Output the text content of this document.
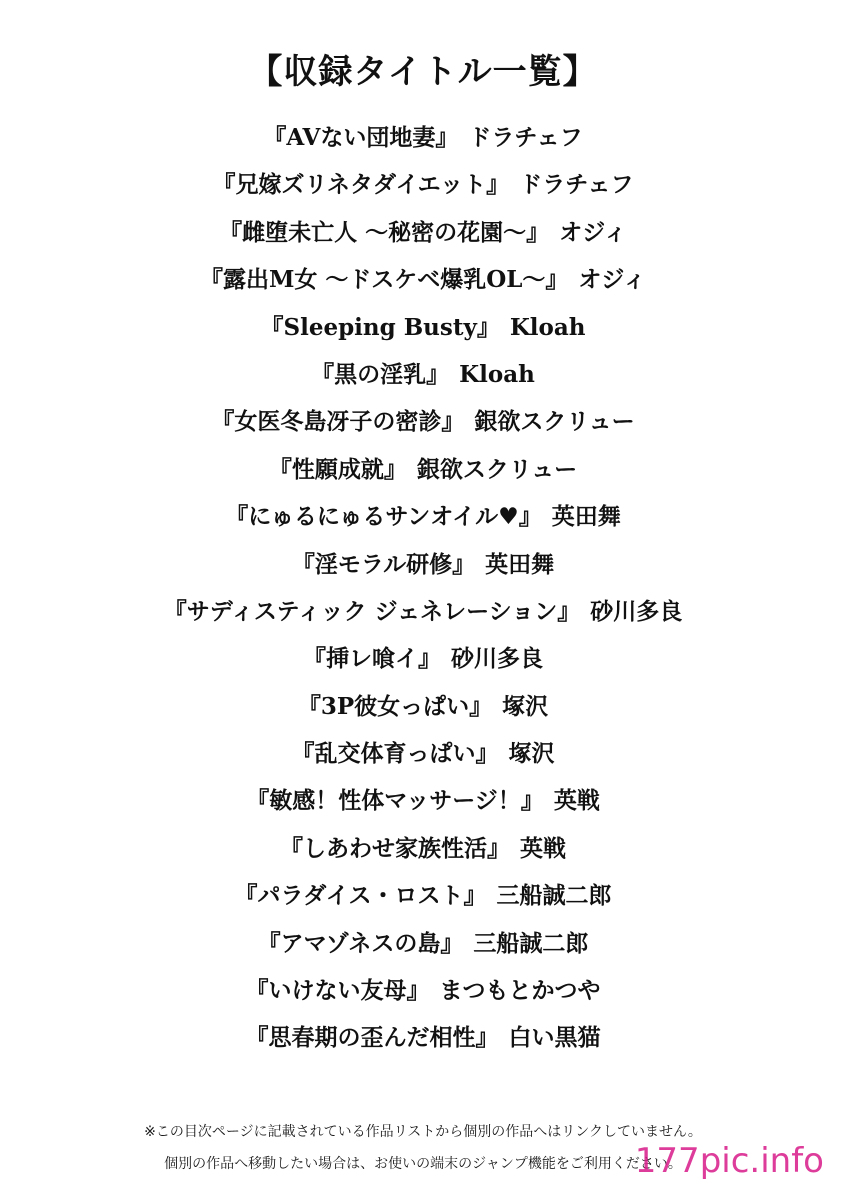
【収録タイトル一覧】
『AVない団地妻』 ドラチェフ
『兄嫁ズリネタダイエット』 ドラチェフ
『雌堕未亡人 ～秘密の花園～』 オジィ
『露出M女 ～ドスケベ爆乳OL～』 オジィ
『Sleeping Busty』 Kloah
『黒の淫乳』 Kloah
『女医冬島冴子の密診』 銀欲スクリュー
『性願成就』 銀欲スクリュー
『にゅるにゅるサンオイル♥』 英田舞
『淫モラル研修』 英田舞
『サディスティック ジェネレーション』 砂川多良
『挿レ喰イ』 砂川多良
『3P彼女っぱい』 塚沢
『乱交体育っぱい』 塚沢
『敏感！性体マッサージ！』 英戦
『しあわせ家族性活』 英戦
『パラダイス・ロスト』 三船誠二郎
『アマゾネスの島』 三船誠二郎
『いけない友母』 まつもとかつや
『思春期の歪んだ相性』 白い黒猫
※この目次ページに記載されている作品リストから個別の作品へはリンクしていません。
個別の作品へ移動したい場合は、お使いの端末のジャンプ機能をご利用ください。
177pic.info
